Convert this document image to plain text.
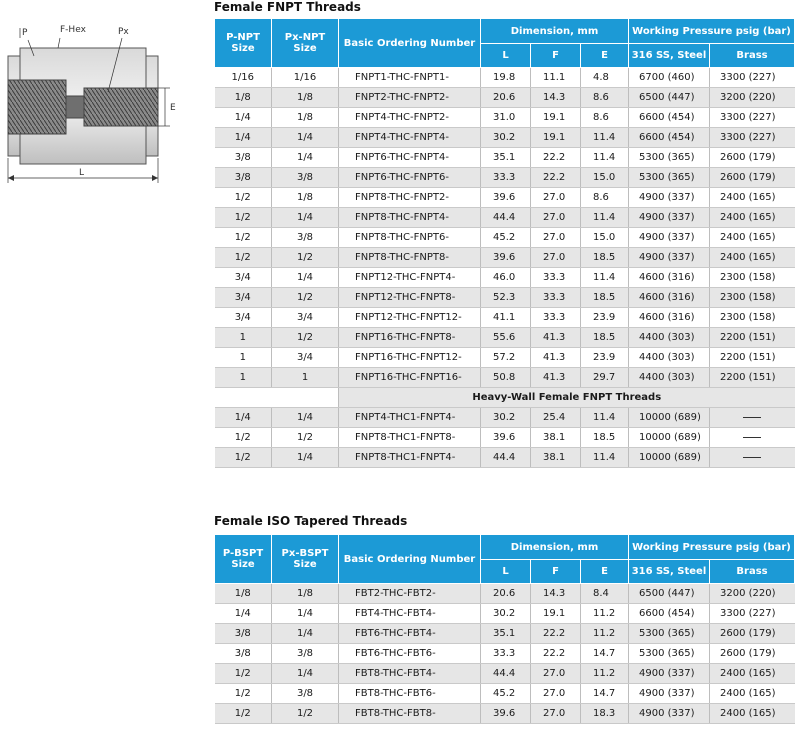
P	F-Hex	Px
E
L
Female FNPT Threads
P-NPT Size	Px-NPT Size	Basic Ordering Number	Dimension, mm			Working Pressure psig (bar)	
			L	F	E	316 SS, Steel	Brass
1/16	1/16	FNPT1-THC-FNPT1-	19.8	11.1	4.8	6700 (460)	3300 (227)
1/8	1/8	FNPT2-THC-FNPT2-	20.6	14.3	8.6	6500 (447)	3200 (220)
1/4	1/8	FNPT4-THC-FNPT2-	31.0	19.1	8.6	6600 (454)	3300 (227)
1/4	1/4	FNPT4-THC-FNPT4-	30.2	19.1	11.4	6600 (454)	3300 (227)
3/8	1/4	FNPT6-THC-FNPT4-	35.1	22.2	11.4	5300 (365)	2600 (179)
3/8	3/8	FNPT6-THC-FNPT6-	33.3	22.2	15.0	5300 (365)	2600 (179)
1/2	1/8	FNPT8-THC-FNPT2-	39.6	27.0	8.6	4900 (337)	2400 (165)
1/2	1/4	FNPT8-THC-FNPT4-	44.4	27.0	11.4	4900 (337)	2400 (165)
1/2	3/8	FNPT8-THC-FNPT6-	45.2	27.0	15.0	4900 (337)	2400 (165)
1/2	1/2	FNPT8-THC-FNPT8-	39.6	27.0	18.5	4900 (337)	2400 (165)
3/4	1/4	FNPT12-THC-FNPT4-	46.0	33.3	11.4	4600 (316)	2300 (158)
3/4	1/2	FNPT12-THC-FNPT8-	52.3	33.3	18.5	4600 (316)	2300 (158)
3/4	3/4	FNPT12-THC-FNPT12-	41.1	33.3	23.9	4600 (316)	2300 (158)
1	1/2	FNPT16-THC-FNPT8-	55.6	41.3	18.5	4400 (303)	2200 (151)
1	3/4	FNPT16-THC-FNPT12-	57.2	41.3	23.9	4400 (303)	2200 (151)
1	1	FNPT16-THC-FNPT16-	50.8	41.3	29.7	4400 (303)	2200 (151)
		Heavy-Wall Female FNPT Threads					
1/4	1/4	FNPT4-THC1-FNPT4-	30.2	25.4	11.4	10000 (689)	
1/2	1/2	FNPT8-THC1-FNPT8-	39.6	38.1	18.5	10000 (689)	
1/2	1/4	FNPT8-THC1-FNPT4-	44.4	38.1	11.4	10000 (689)	
Female ISO Tapered Threads
P-BSPT Size	Px-BSPT Size	Basic Ordering Number	Dimension, mm			Working Pressure psig (bar)	
			L	F	E	316 SS, Steel	Brass
1/8	1/8	FBT2-THC-FBT2-	20.6	14.3	8.4	6500 (447)	3200 (220)
1/4	1/4	FBT4-THC-FBT4-	30.2	19.1	11.2	6600 (454)	3300 (227)
3/8	1/4	FBT6-THC-FBT4-	35.1	22.2	11.2	5300 (365)	2600 (179)
3/8	3/8	FBT6-THC-FBT6-	33.3	22.2	14.7	5300 (365)	2600 (179)
1/2	1/4	FBT8-THC-FBT4-	44.4	27.0	11.2	4900 (337)	2400 (165)
1/2	3/8	FBT8-THC-FBT6-	45.2	27.0	14.7	4900 (337)	2400 (165)
1/2	1/2	FBT8-THC-FBT8-	39.6	27.0	18.3	4900 (337)	2400 (165)
